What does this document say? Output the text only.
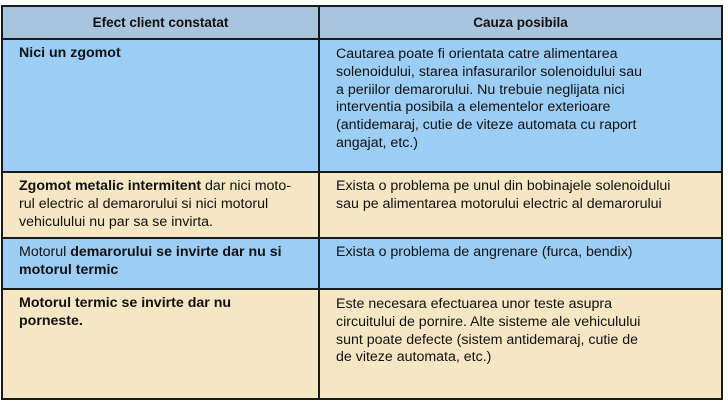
Efect client constatat	Cauza posibila
Nici un zgomot	Cautarea poate fi orientata catre alimentarea
solenoidului, starea infasurarilor solenoidului sau
a periilor demarorului. Nu trebuie neglijata nici
interventia posibila a elementelor exterioare
(antidemaraj, cutie de viteze automata cu raport
angajat, etc.)
Zgomot metalic intermitent dar nici moto-
rul electric al demarorului si nici motorul
vehiculului nu par sa se invirta.
Exista o problema pe unul din bobinajele solenoidului
sau pe alimentarea motorului electric al demarorului
Motorul demarorului se invirte dar nu si
motorul termic
Exista o problema de angrenare (furca, bendix)
Motorul termic se invirte dar nu
porneste.
Este necesara efectuarea unor teste asupra
circuitului de pornire. Alte sisteme ale vehiculului
sunt poate defecte (sistem antidemaraj, cutie de
de viteze automata, etc.)
